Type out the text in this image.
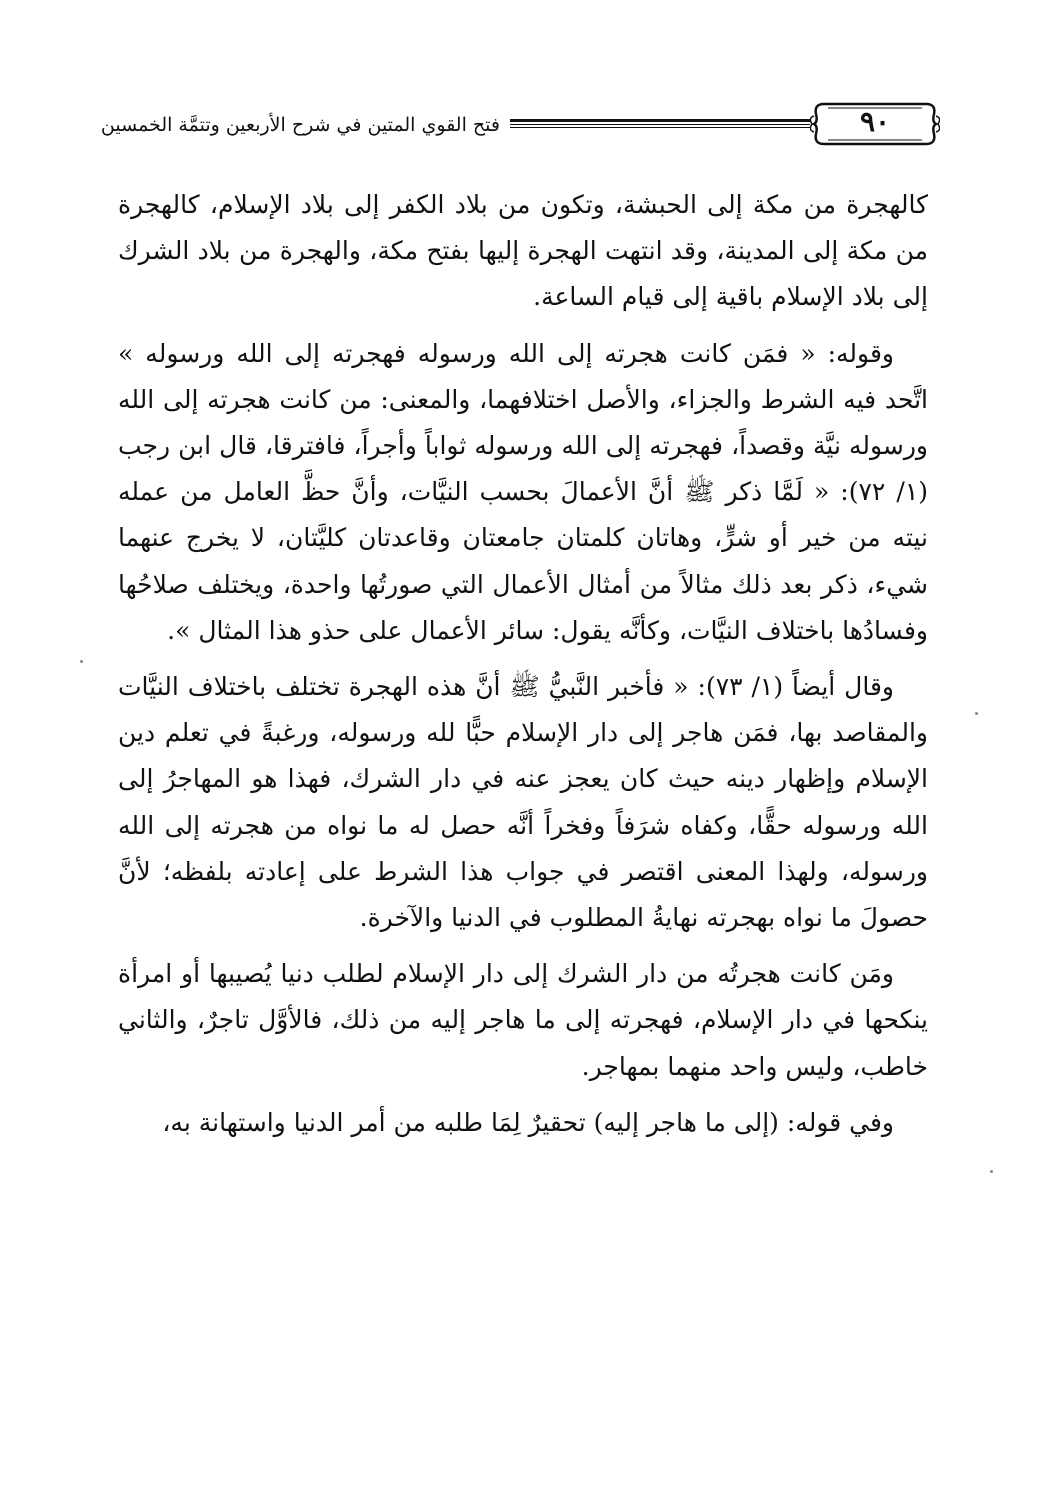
فتح القوي المتين في شرح الأربعين وتتمَّة الخمسين	٩٠

كالهجرة من مكة إلى الحبشة، وتكون من بلاد الكفر إلى بلاد الإسلام، كالهجرة من مكة إلى المدينة، وقد انتهت الهجرة إليها بفتح مكة، والهجرة من بلاد الشرك إلى بلاد الإسلام باقية إلى قيام الساعة.

وقوله: « فمَن كانت هجرته إلى الله ورسوله فهجرته إلى الله ورسوله » اتَّحد فيه الشرط والجزاء، والأصل اختلافهما، والمعنى: من كانت هجرته إلى الله ورسوله نيَّة وقصداً، فهجرته إلى الله ورسوله ثواباً وأجراً، فافترقا، قال ابن رجب (١/ ٧٢): « لَمَّا ذكر ﷺ أنَّ الأعمالَ بحسب النيَّات، وأنَّ حظَّ العامل من عمله نيته من خير أو شرٍّ، وهاتان كلمتان جامعتان وقاعدتان كليَّتان، لا يخرج عنهما شيء، ذكر بعد ذلك مثالاً من أمثال الأعمال التي صورتُها واحدة، ويختلف صلاحُها وفسادُها باختلاف النيَّات، وكأنَّه يقول: سائر الأعمال على حذو هذا المثال ».

وقال أيضاً (١/ ٧٣): « فأخبر النَّبيُّ ﷺ أنَّ هذه الهجرة تختلف باختلاف النيَّات والمقاصد بها، فمَن هاجر إلى دار الإسلام حبًّا لله ورسوله، ورغبةً في تعلم دين الإسلام وإظهار دينه حيث كان يعجز عنه في دار الشرك، فهذا هو المهاجرُ إلى الله ورسوله حقًّا، وكفاه شرَفاً وفخراً أنَّه حصل له ما نواه من هجرته إلى الله ورسوله، ولهذا المعنى اقتصر في جواب هذا الشرط على إعادته بلفظه؛ لأنَّ حصولَ ما نواه بهجرته نهايةُ المطلوب في الدنيا والآخرة.

ومَن كانت هجرتُه من دار الشرك إلى دار الإسلام لطلب دنيا يُصيبها أو امرأة ينكحها في دار الإسلام، فهجرته إلى ما هاجر إليه من ذلك، فالأوَّل تاجرٌ، والثاني خاطب، وليس واحد منهما بمهاجر.

وفي قوله: (إلى ما هاجر إليه) تحقيرٌ لِمَا طلبه من أمر الدنيا واستهانة به،
